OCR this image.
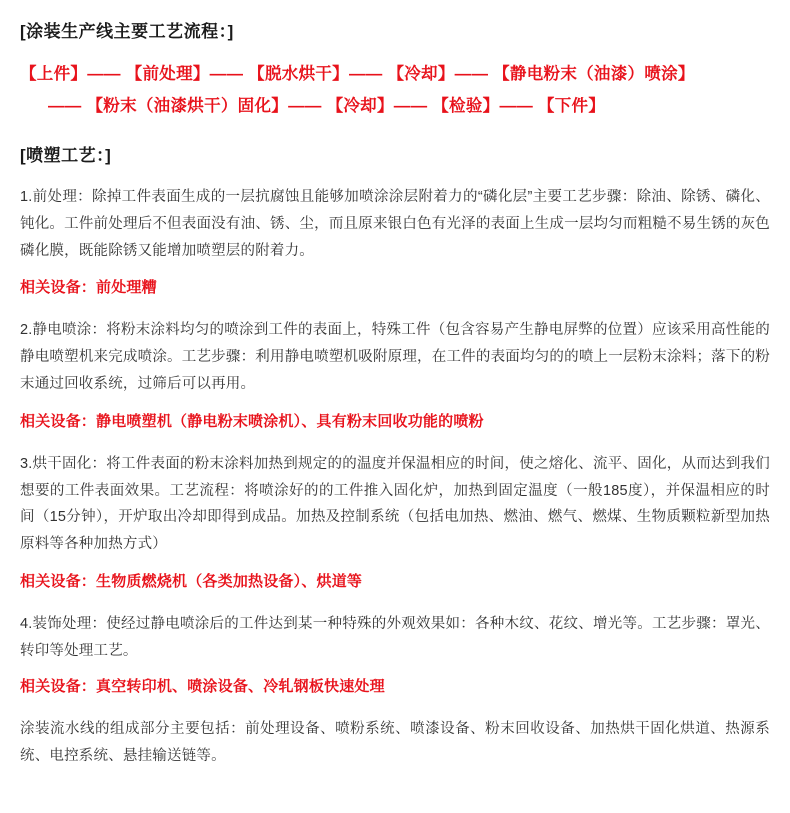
[涂装生产线主要工艺流程：]
【上件】—— 【前处理】—— 【脱水烘干】—— 【冷却】—— 【静电粉末（油漆）喷涂】
—— 【粉末（油漆烘干）固化】—— 【冷却】—— 【检验】—— 【下件】
[喷塑工艺：]

1.前处理：除掉工件表面生成的一层抗腐蚀且能够加喷涂涂层附着力的“磷化层”主要工艺步骤：除油、除锈、磷化、钝化。工件前处理后不但表面没有油、锈、尘，而且原来银白色有光泽的表面上生成一层均匀而粗糙不易生锈的灰色磷化膜，既能除锈又能增加喷塑层的附着力。

相关设备：前处理糟

2.静电喷涂：将粉末涂料均匀的喷涂到工件的表面上，特殊工件（包含容易产生静电屏弊的位置）应该采用高性能的静电喷塑机来完成喷涂。工艺步骤：利用静电喷塑机吸附原理，在工件的表面均匀的的喷上一层粉末涂料；落下的粉末通过回收系统，过筛后可以再用。

相关设备：静电喷塑机（静电粉末喷涂机）、具有粉末回收功能的喷粉

3.烘干固化：将工件表面的粉末涂料加热到规定的的温度并保温相应的时间，使之熔化、流平、固化，从而达到我们想要的工件表面效果。工艺流程：将喷涂好的的工件推入固化炉，加热到固定温度（一般185度），并保温相应的时间（15分钟），开炉取出冷却即得到成品。加热及控制系统（包括电加热、燃油、燃气、燃煤、生物质颗粒新型加热原料等各种加热方式）

相关设备：生物质燃烧机（各类加热设备）、烘道等

4.装饰处理：使经过静电喷涂后的工件达到某一种特殊的外观效果如：各种木纹、花纹、增光等。工艺步骤：罩光、转印等处理工艺。

相关设备：真空转印机、喷涂设备、冷轧钢板快速处理

涂装流水线的组成部分主要包括：前处理设备、喷粉系统、喷漆设备、粉末回收设备、加热烘干固化烘道、热源系统、电控系统、悬挂输送链等。
